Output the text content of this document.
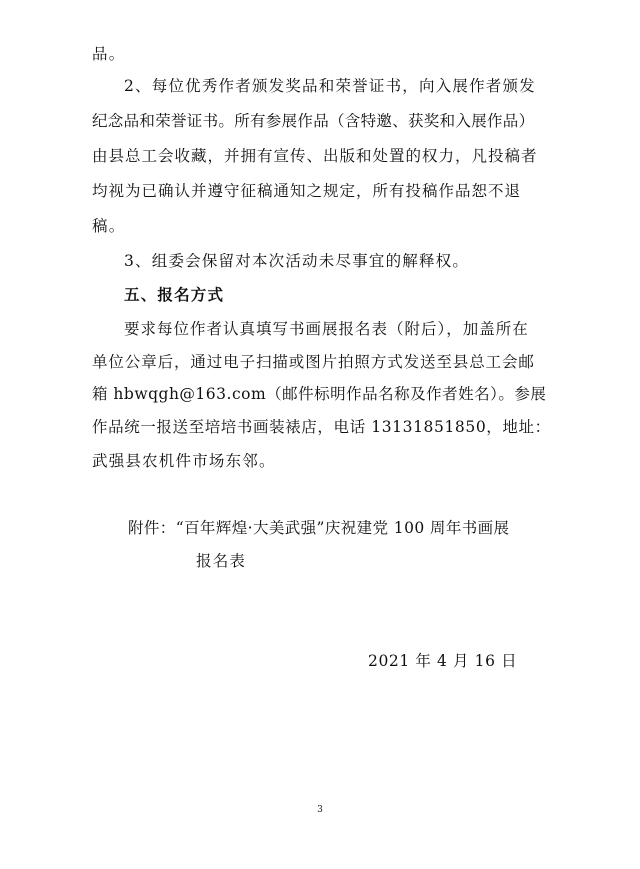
品。
2、每位优秀作者颁发奖品和荣誉证书，向入展作者颁发
纪念品和荣誉证书。所有参展作品（含特邀、获奖和入展作品）
由县总工会收藏，并拥有宣传、出版和处置的权力，凡投稿者
均视为已确认并遵守征稿通知之规定，所有投稿作品恕不退
稿。
3、组委会保留对本次活动未尽事宜的解释权。
五、报名方式
要求每位作者认真填写书画展报名表（附后），加盖所在
单位公章后，通过电子扫描或图片拍照方式发送至县总工会邮
箱 hbwqgh@163.com（邮件标明作品名称及作者姓名）。参展
作品统一报送至培培书画装裱店，电话 13131851850，地址：
武强县农机件市场东邻。
附件：“百年辉煌·大美武强”庆祝建党 100 周年书画展
报名表
2021 年 4 月 16 日
3
